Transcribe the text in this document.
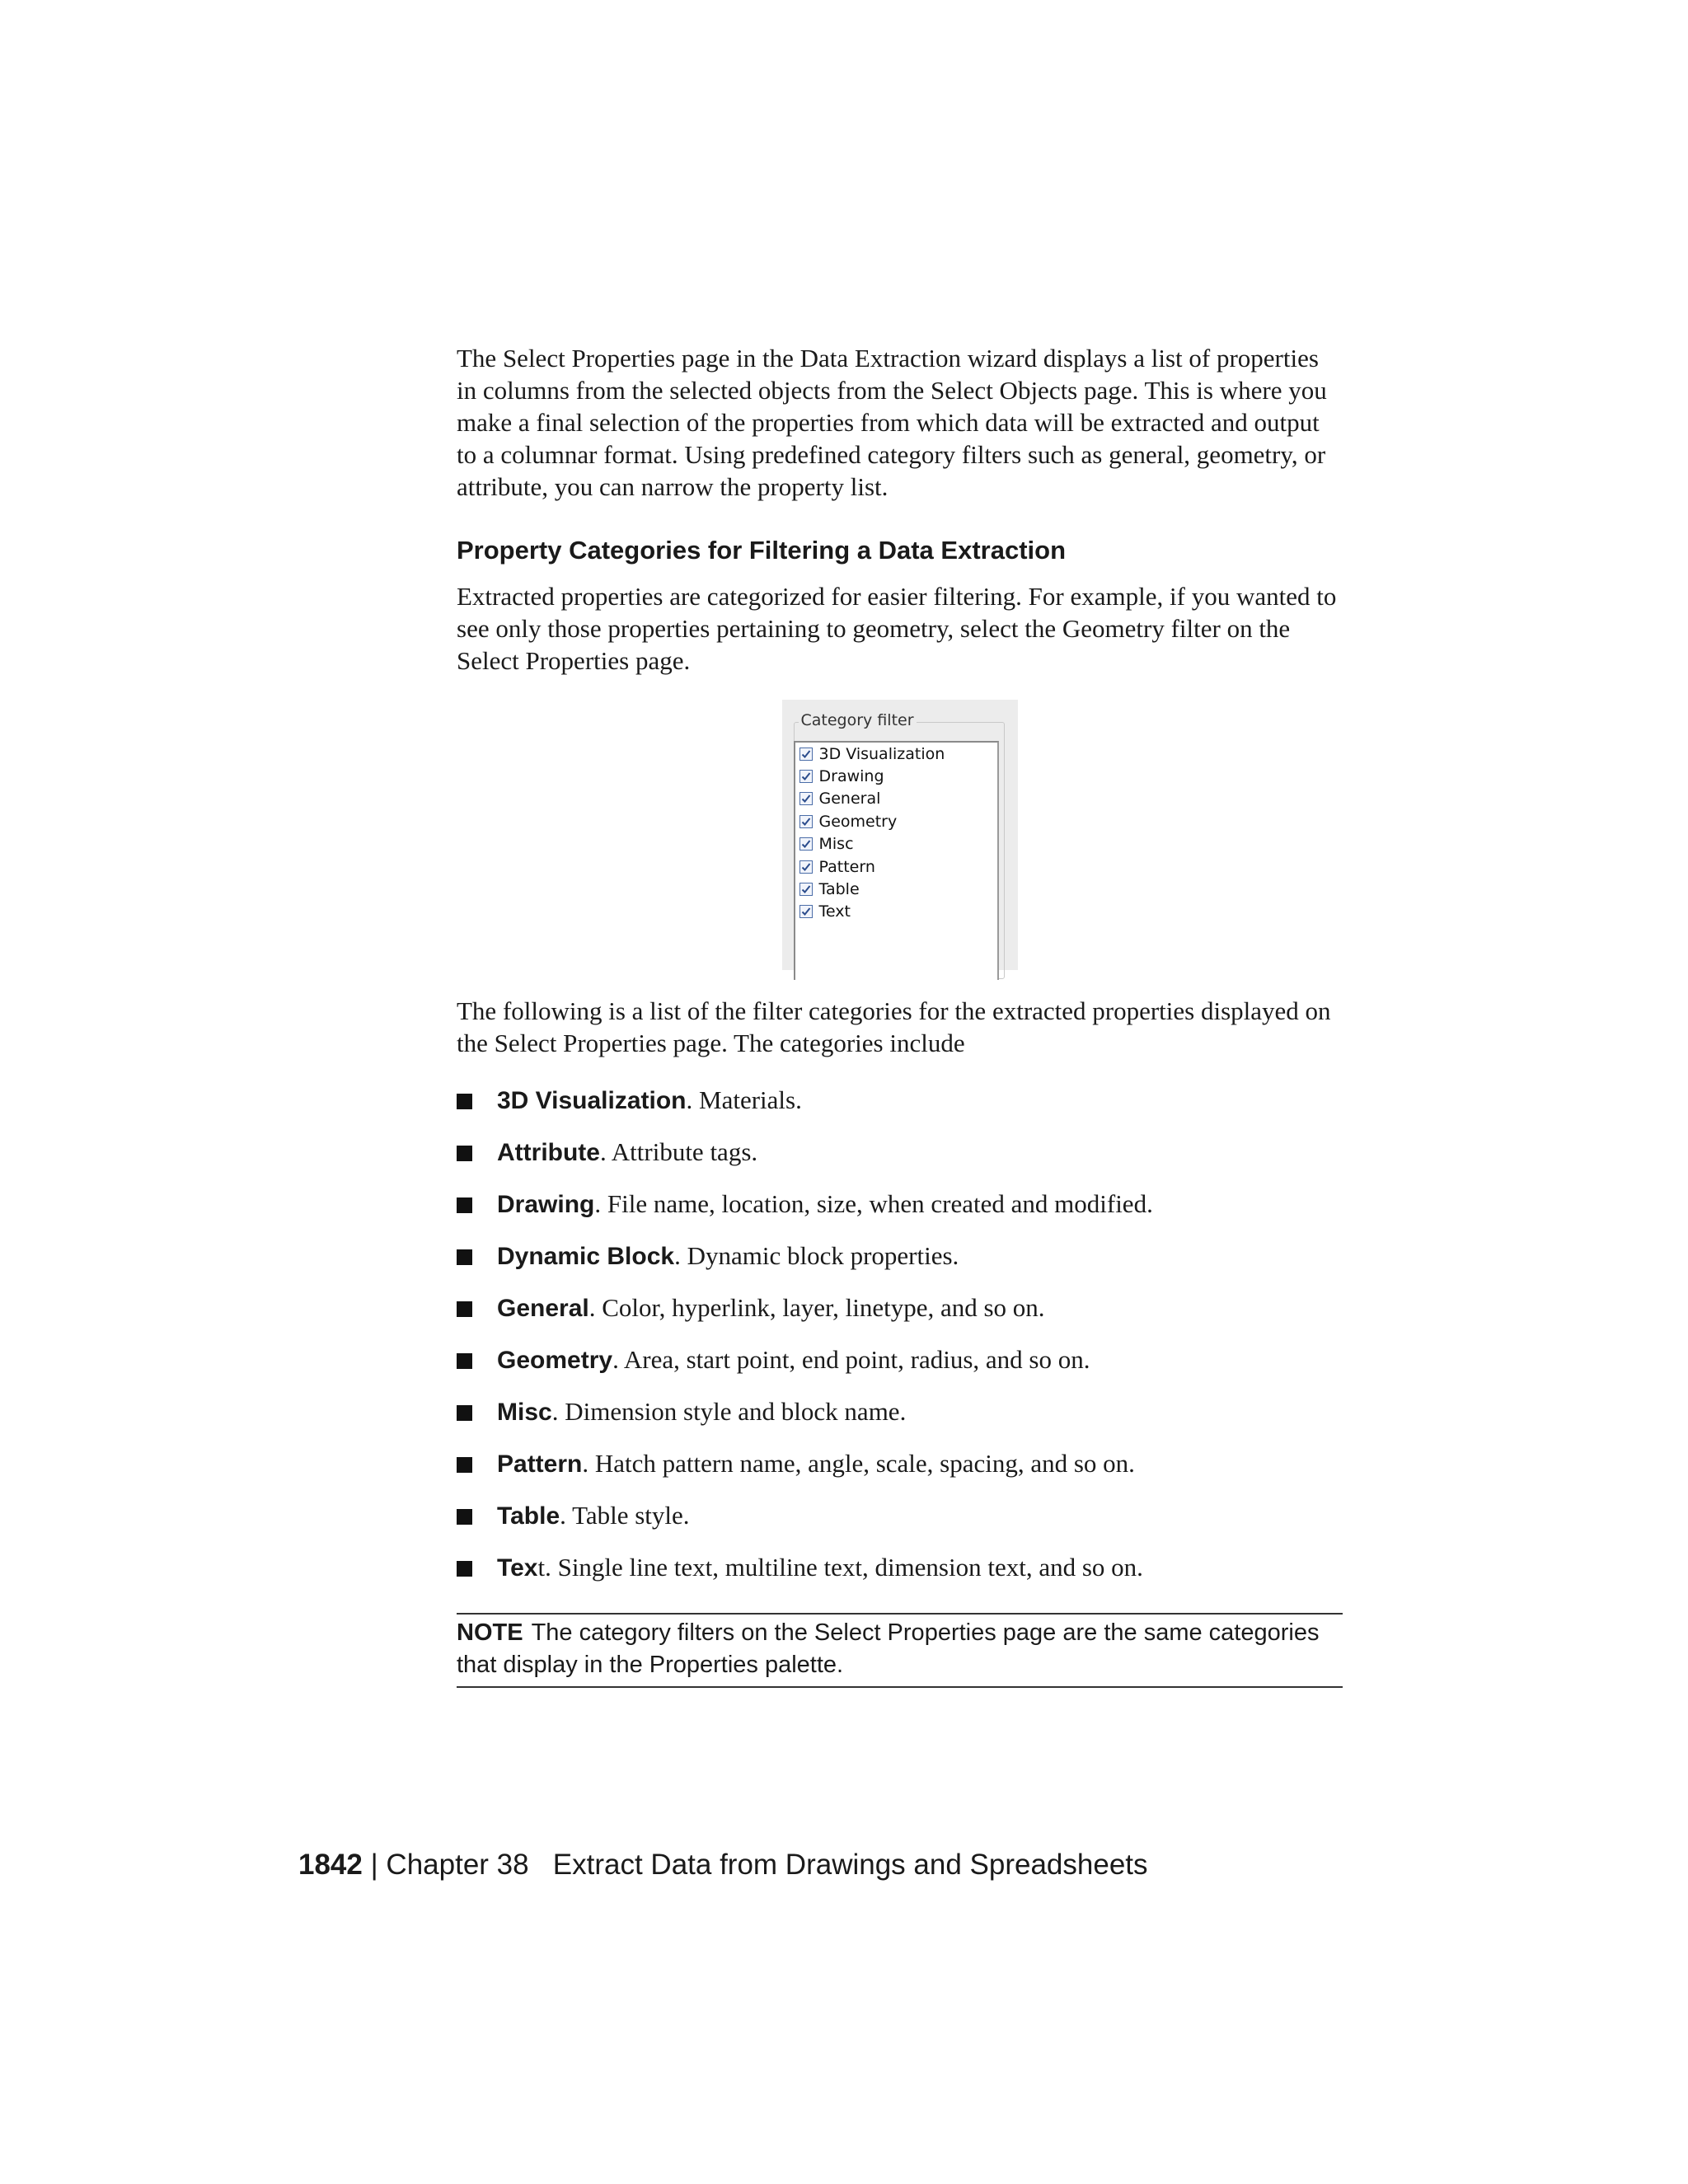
The Select Properties page in the Data Extraction wizard displays a list of properties in columns from the selected objects from the Select Objects page. This is where you make a final selection of the properties from which data will be extracted and output to a columnar format. Using predefined category filters such as general, geometry, or attribute, you can narrow the property list.

Property Categories for Filtering a Data Extraction

Extracted properties are categorized for easier filtering. For example, if you wanted to see only those properties pertaining to geometry, select the Geometry filter on the Select Properties page.

Category filter
3D Visualization
Drawing
General
Geometry
Misc
Pattern
Table
Text

The following is a list of the filter categories for the extracted properties displayed on the Select Properties page. The categories include

3D Visualization. Materials.
Attribute. Attribute tags.
Drawing. File name, location, size, when created and modified.
Dynamic Block. Dynamic block properties.
General. Color, hyperlink, layer, linetype, and so on.
Geometry. Area, start point, end point, radius, and so on.
Misc. Dimension style and block name.
Pattern. Hatch pattern name, angle, scale, spacing, and so on.
Table. Table style.
Text. Single line text, multiline text, dimension text, and so on.
NOTE The category filters on the Select Properties page are the same categories that display in the Properties palette.
1842 | Chapter 38 Extract Data from Drawings and Spreadsheets
